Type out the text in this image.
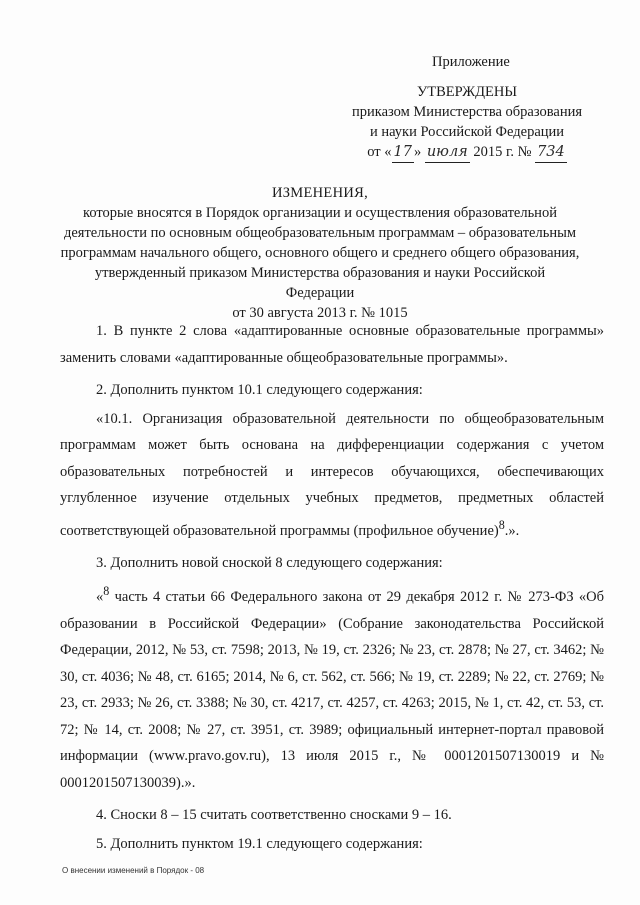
Приложение
УТВЕРЖДЕНЫ
приказом Министерства образования
и науки Российской Федерации
от « 17 » июля 2015 г. № 734
ИЗМЕНЕНИЯ,
которые вносятся в Порядок организации и осуществления образовательной
деятельности по основным общеобразовательным программам – образовательным
программам начального общего, основного общего и среднего общего образования,
утвержденный приказом Министерства образования и науки Российской Федерации
от 30 августа 2013 г. № 1015

1. В пункте 2 слова «адаптированные основные образовательные программы» заменить словами «адаптированные общеобразовательные программы».

2. Дополнить пунктом 10.1 следующего содержания:

«10.1. Организация образовательной деятельности по общеобразовательным программам может быть основана на дифференциации содержания с учетом образовательных потребностей и интересов обучающихся, обеспечивающих углубленное изучение отдельных учебных предметов, предметных областей соответствующей образовательной программы (профильное обучение)$^8$.».

3. Дополнить новой сноской 8 следующего содержания:

«$^8$ часть 4 статьи 66 Федерального закона от 29 декабря 2012 г. № 273-ФЗ «Об образовании в Российской Федерации» (Собрание законодательства Российской Федерации, 2012, № 53, ст. 7598; 2013, № 19, ст. 2326; № 23, ст. 2878; № 27, ст. 3462; № 30, ст. 4036; № 48, ст. 6165; 2014, № 6, ст. 562, ст. 566; № 19, ст. 2289; № 22, ст. 2769; № 23, ст. 2933; № 26, ст. 3388; № 30, ст. 4217, ст. 4257, ст. 4263; 2015, № 1, ст. 42, ст. 53, ст. 72; № 14, ст. 2008; № 27, ст. 3951, ст. 3989; официальный интернет-портал правовой информации (www.pravo.gov.ru), 13 июля 2015 г., № 0001201507130019 и № 0001201507130039).».

4. Сноски 8 – 15 считать соответственно сносками 9 – 16.

5. Дополнить пунктом 19.1 следующего содержания:

О внесении изменений в Порядок - 08
